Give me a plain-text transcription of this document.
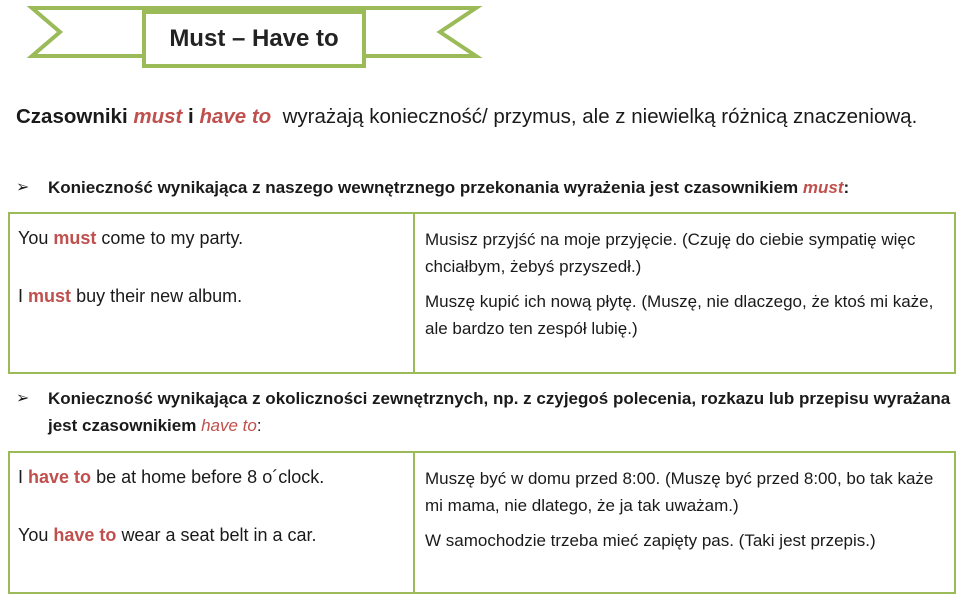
Must – Have to
Czasowniki must i have to wyrażają konieczność/ przymus, ale z niewielką różnicą znaczeniową.
➢	Konieczność wynikająca z naszego wewnętrznego przekonania wyrażenia jest czasownikiem must:
You must come to my party.
I must buy their new album.
Musisz przyjść na moje przyjęcie. (Czuję do ciebie sympatię więc chciałbym, żebyś przyszedł.)
Muszę kupić ich nową płytę. (Muszę, nie dlaczego, że ktoś mi każe, ale bardzo ten zespół lubię.)
➢	Konieczność wynikająca z okoliczności zewnętrznych, np. z czyjegoś polecenia, rozkazu lub przepisu wyrażana jest czasownikiem have to:
I have to be at home before 8 o´clock.
You have to wear a seat belt in a car.
Muszę być w domu przed 8:00. (Muszę być przed 8:00, bo tak każe mi mama, nie dlatego, że ja tak uważam.)
W samochodzie trzeba mieć zapięty pas. (Taki jest przepis.)
